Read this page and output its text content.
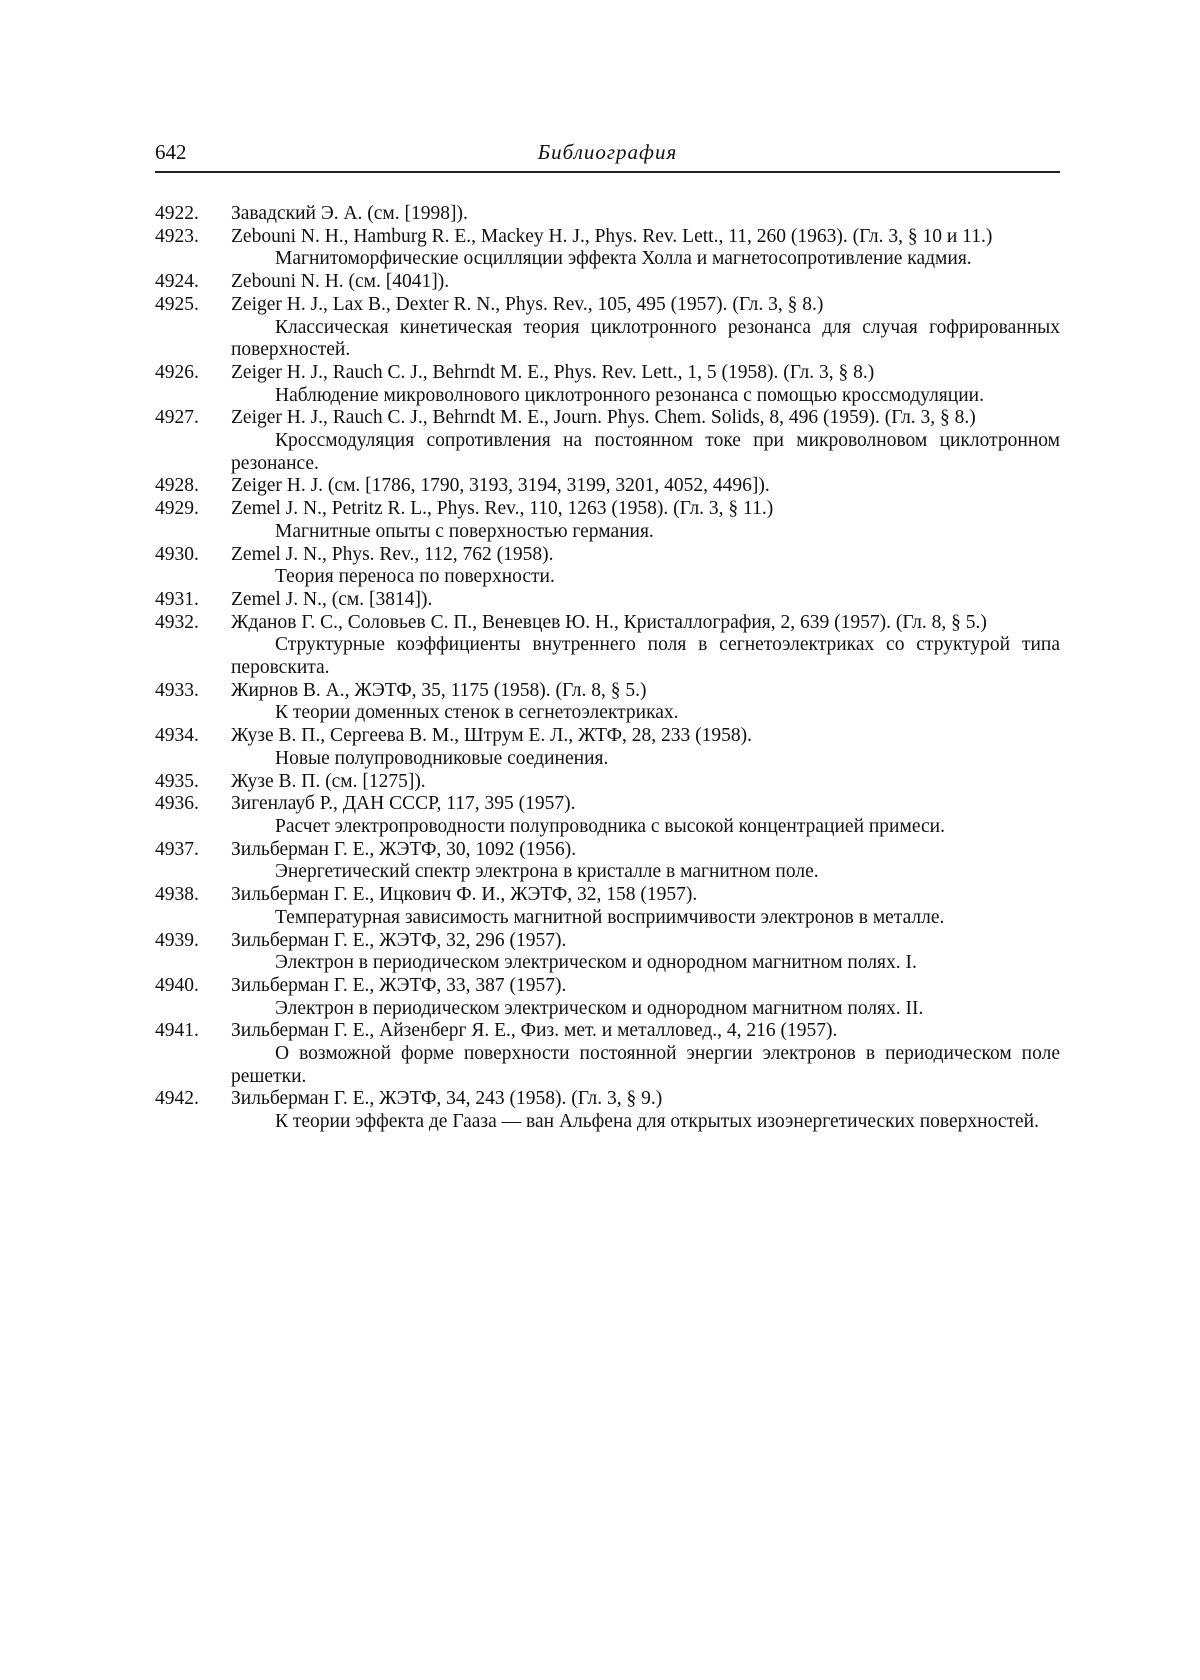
642	Библиография
4922. Завадский Э. А. (см. [1998]).
4923. Zebouni N. H., Hamburg R. E., Mackey H. J., Phys. Rev. Lett., 11, 260 (1963). (Гл. 3, § 10 и 11.)
Магнитоморфические осцилляции эффекта Холла и магнетосопротивление кадмия.
4924. Zebouni N. H. (см. [4041]).
4925. Zeiger H. J., Lax B., Dexter R. N., Phys. Rev., 105, 495 (1957). (Гл. 3, § 8.)
Классическая кинетическая теория циклотронного резонанса для случая гофрированных поверхностей.
4926. Zeiger H. J., Rauch C. J., Behrndt M. E., Phys. Rev. Lett., 1, 5 (1958). (Гл. 3, § 8.)
Наблюдение микроволнового циклотронного резонанса с помощью кроссмодуляции.
4927. Zeiger H. J., Rauch C. J., Behrndt M. E., Journ. Phys. Chem. Solids, 8, 496 (1959). (Гл. 3, § 8.)
Кроссмодуляция сопротивления на постоянном токе при микроволновом циклотронном резонансе.
4928. Zeiger H. J. (см. [1786, 1790, 3193, 3194, 3199, 3201, 4052, 4496]).
4929. Zemel J. N., Petritz R. L., Phys. Rev., 110, 1263 (1958). (Гл. 3, § 11.)
Магнитные опыты с поверхностью германия.
4930. Zemel J. N., Phys. Rev., 112, 762 (1958).
Теория переноса по поверхности.
4931. Zemel J. N., (см. [3814]).
4932. Жданов Г. С., Соловьев С. П., Веневцев Ю. Н., Кристаллография, 2, 639 (1957). (Гл. 8, § 5.)
Структурные коэффициенты внутреннего поля в сегнетоэлектриках со структурой типа перовскита.
4933. Жирнов В. А., ЖЭТФ, 35, 1175 (1958). (Гл. 8, § 5.)
К теории доменных стенок в сегнетоэлектриках.
4934. Жузе В. П., Сергеева В. М., Штрум Е. Л., ЖТФ, 28, 233 (1958).
Новые полупроводниковые соединения.
4935. Жузе В. П. (см. [1275]).
4936. Зигенлауб Р., ДАН СССР, 117, 395 (1957).
Расчет электропроводности полупроводника с высокой концентрацией примеси.
4937. Зильберман Г. Е., ЖЭТФ, 30, 1092 (1956).
Энергетический спектр электрона в кристалле в магнитном поле.
4938. Зильберман Г. Е., Ицкович Ф. И., ЖЭТФ, 32, 158 (1957).
Температурная зависимость магнитной восприимчивости электронов в металле.
4939. Зильберман Г. Е., ЖЭТФ, 32, 296 (1957).
Электрон в периодическом электрическом и однородном магнитном полях. I.
4940. Зильберман Г. Е., ЖЭТФ, 33, 387 (1957).
Электрон в периодическом электрическом и однородном магнитном полях. II.
4941. Зильберман Г. Е., Айзенберг Я. Е., Физ. мет. и металловед., 4, 216 (1957).
О возможной форме поверхности постоянной энергии электронов в периодическом поле решетки.
4942. Зильберман Г. Е., ЖЭТФ, 34, 243 (1958). (Гл. 3, § 9.)
К теории эффекта де Гааза — ван Альфена для открытых изоэнергетических поверхностей.
